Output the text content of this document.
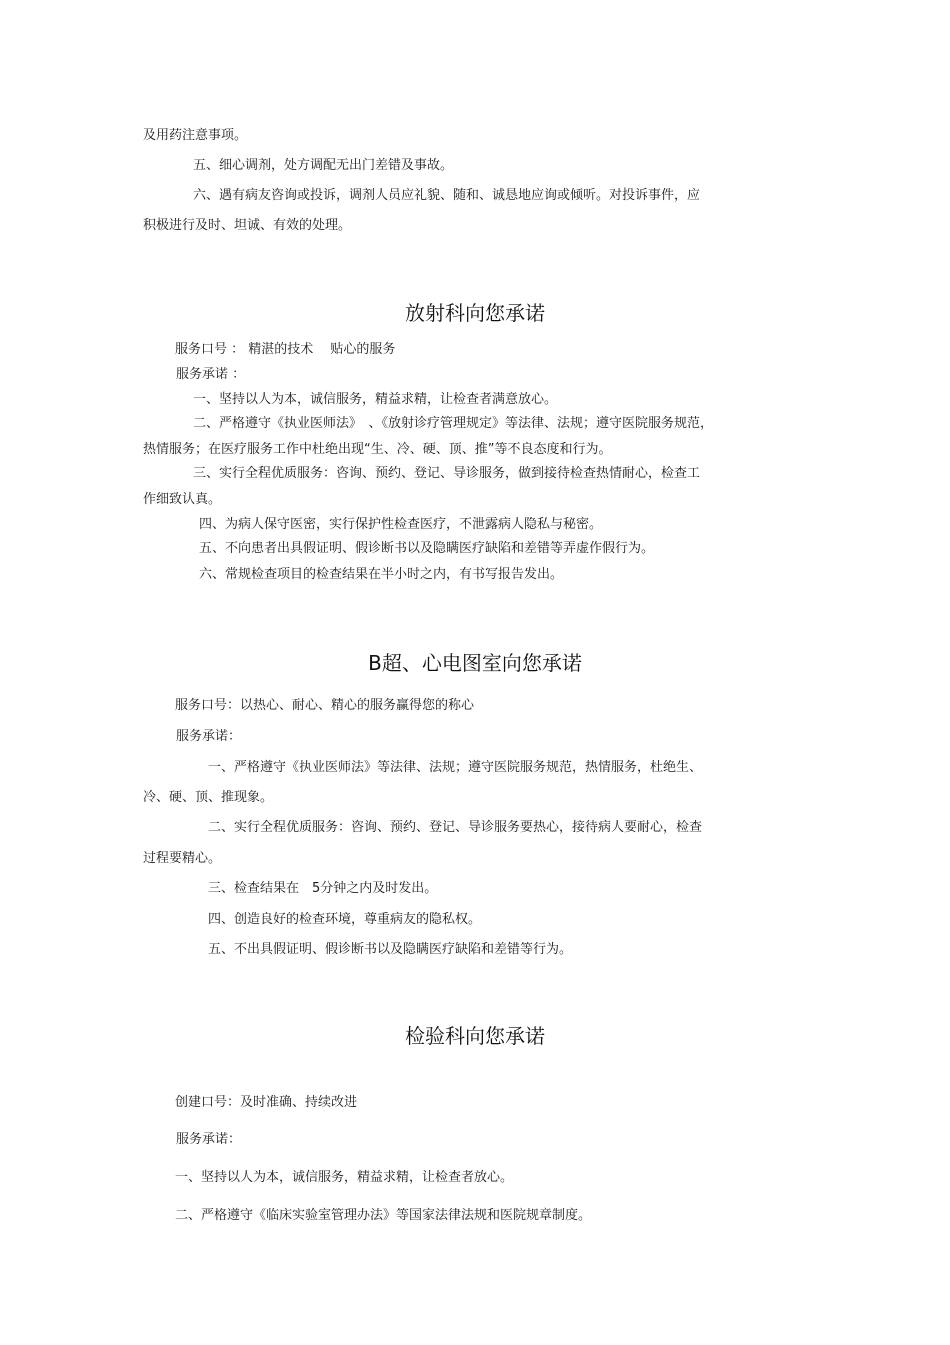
及用药注意事项。
五、细心调剂，处方调配无出门差错及事故。
六、遇有病友咨询或投诉，调剂人员应礼貌、随和、诚恳地应询或倾听。对投诉事件，应
积极进行及时、坦诚、有效的处理。
放射科向您承诺
服务口号 ： 精湛的技术　 贴心的服务
服务承诺 ：
一、坚持以人为本，诚信服务，精益求精，让检查者满意放心。
二、严格遵守《执业医师法》　、《放射诊疗管理规定》等法律、法规；遵守医院服务规范，
热情服务；在医疗服务工作中杜绝出现“生、冷、硬、顶、推”等不良态度和行为。
三、实行全程优质服务：咨询、预约、登记、导诊服务，做到接待检查热情耐心，检查工
作细致认真。
四、为病人保守医密，实行保护性检查医疗，不泄露病人隐私与秘密。
五、不向患者出具假证明、假诊断书以及隐瞒医疗缺陷和差错等弄虚作假行为。
六、常规检查项目的检查结果在半小时之内，有书写报告发出。
B超、心电图室向您承诺
服务口号：以热心、耐心、精心的服务赢得您的称心
服务承诺：
一、严格遵守《执业医师法》等法律、法规；遵守医院服务规范，热情服务，杜绝生、
冷、硬、顶、推现象。
二、实行全程优质服务：咨询、预约、登记、导诊服务要热心，接待病人要耐心，检查
过程要精心。
三、检查结果在　5分钟之内及时发出。
四、创造良好的检查环境，尊重病友的隐私权。
五、不出具假证明、假诊断书以及隐瞒医疗缺陷和差错等行为。
检验科向您承诺
创建口号：及时准确、持续改进
服务承诺：
一、坚持以人为本，诚信服务，精益求精，让检查者放心。
二、严格遵守《临床实验室管理办法》等国家法律法规和医院规章制度。
